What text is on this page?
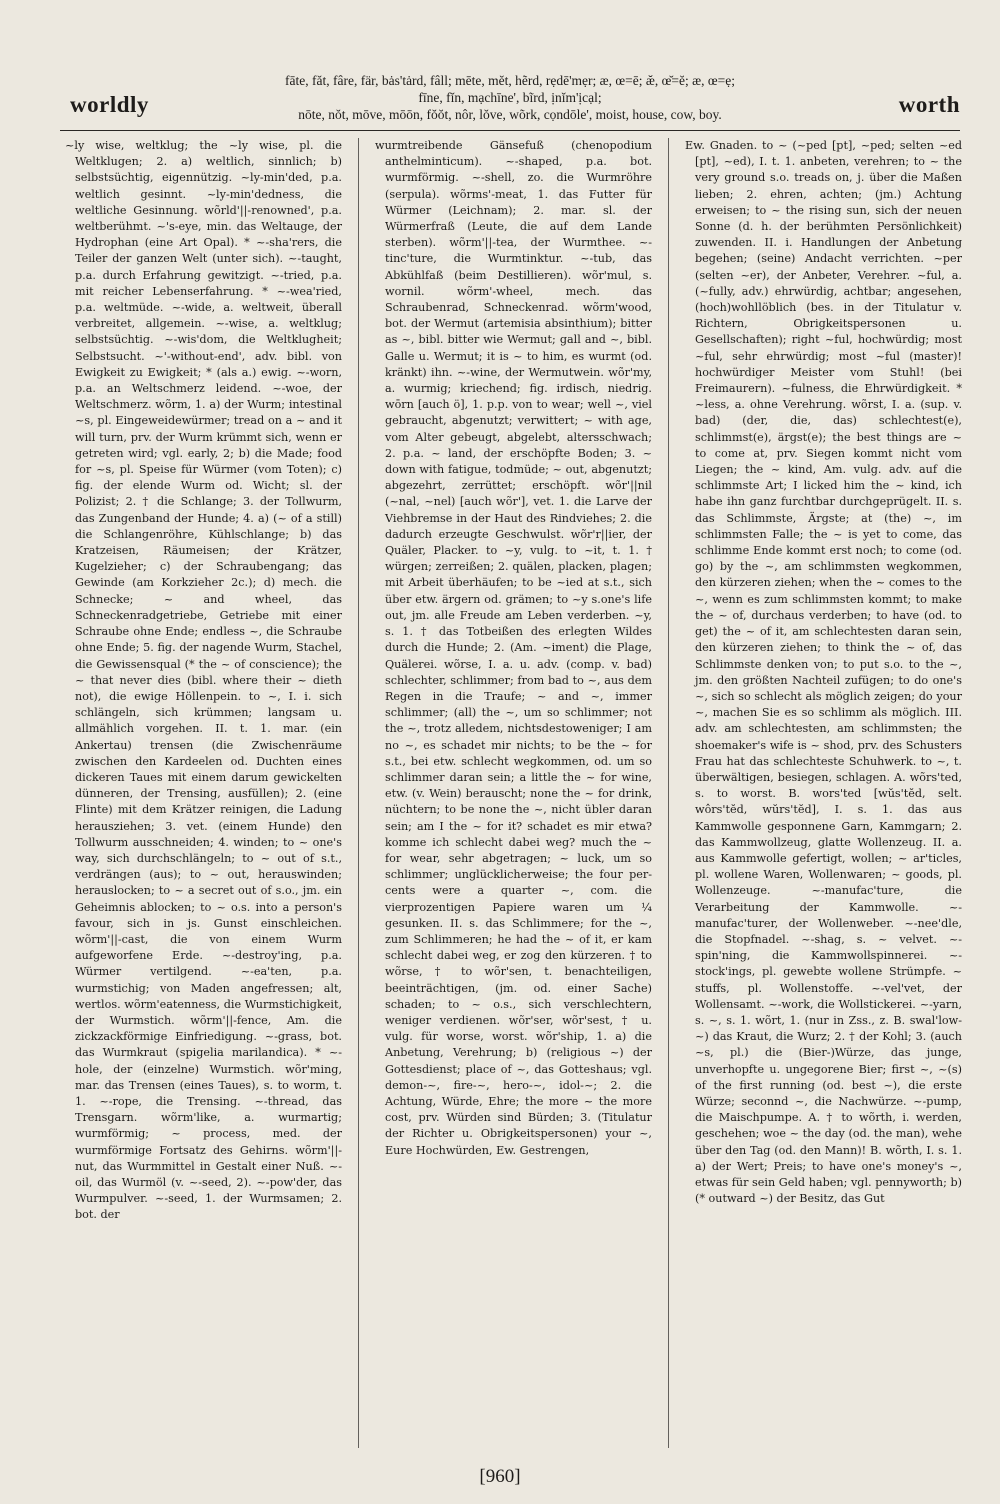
worldly
fāte, făt, fâre, fär, bȧs'tȧrd, fâll; mēte, mĕt, hẽrd, rẹdē'mẹr; æ, œ=ē; æ̆, œ̆=ĕ; æ, œ=ẹ;
fīne, fĭn, mạchīne', bĩrd, ịnĭm'ịcạl;
nōte, nŏt, mōve, mōōn, fŏŏt, nôr, lŏve, wõrk, cọndōle', moist, house, cow, boy.	worth

~ly wise, weltklug; the ~ly wise, pl. die Weltklugen; 2. a) weltlich, sinnlich; b) selbstsüchtig, eigennützig. ~ly-min'ded, p.a. weltlich gesinnt. ~ly-min'dedness, die weltliche Gesinnung. wõrld'||-renowned', p.a. weltberühmt. ~'s-eye, min. das Weltauge, der Hydrophan (eine Art Opal). * ~-sha'rers, die Teiler der ganzen Welt (unter sich). ~-taught, p.a. durch Erfahrung gewitzigt. ~-tried, p.a. mit reicher Lebenserfahrung. * ~-wea'ried, p.a. weltmüde. ~-wide, a. weltweit, überall verbreitet, allgemein. ~-wise, a. weltklug; selbstsüchtig. ~-wis'dom, die Weltklugheit; Selbstsucht. ~'-without-end', adv. bibl. von Ewigkeit zu Ewigkeit; * (als a.) ewig. ~-worn, p.a. an Weltschmerz leidend. ~-woe, der Weltschmerz. wõrm, 1. a) der Wurm; intestinal ~s, pl. Eingeweidewürmer; tread on a ~ and it will turn, prv. der Wurm krümmt sich, wenn er getreten wird; vgl. early, 2; b) die Made; food for ~s, pl. Speise für Würmer (vom Toten); c) fig. der elende Wurm od. Wicht; sl. der Polizist; 2. † die Schlange; 3. der Tollwurm, das Zungenband der Hunde; 4. a) (~ of a still) die Schlangenröhre, Kühlschlange; b) das Kratzeisen, Räumeisen; der Krätzer, Kugelzieher; c) der Schraubengang; das Gewinde (am Korkzieher 2c.); d) mech. die Schnecke; ~ and wheel, das Schneckenradgetriebe, Getriebe mit einer Schraube ohne Ende; endless ~, die Schraube ohne Ende; 5. fig. der nagende Wurm, Stachel, die Gewissensqual (* the ~ of conscience); the ~ that never dies (bibl. where their ~ dieth not), die ewige Höllenpein. to ~, I. i. sich schlängeln, sich krümmen; langsam u. allmählich vorgehen. II. t. 1. mar. (ein Ankertau) trensen (die Zwischenräume zwischen den Kardeelen od. Duchten eines dickeren Taues mit einem darum gewickelten dünneren, der Trensing, ausfüllen); 2. (eine Flinte) mit dem Krätzer reinigen, die Ladung herausziehen; 3. vet. (einem Hunde) den Tollwurm ausschneiden; 4. winden; to ~ one's way, sich durchschlängeln; to ~ out of s.t., verdrängen (aus); to ~ out, herauswinden; herauslocken; to ~ a secret out of s.o., jm. ein Geheimnis ablocken; to ~ o.s. into a person's favour, sich in js. Gunst einschleichen. wõrm'||-cast, die von einem Wurm aufgeworfene Erde. ~-destroy'ing, p.a. Würmer vertilgend. ~-ea'ten, p.a. wurmstichig; von Maden angefressen; alt, wertlos. wõrm'eatenness, die Wurmstichigkeit, der Wurmstich. wõrm'||-fence, Am. die zickzackförmige Einfriedigung. ~-grass, bot. das Wurmkraut (spigelia marilandica). * ~-hole, der (einzelne) Wurmstich. wõr'ming, mar. das Trensen (eines Taues), s. to worm, t. 1. ~-rope, die Trensing. ~-thread, das Trensgarn. wõrm'like, a. wurmartig; wurmförmig; ~ process, med. der wurmförmige Fortsatz des Gehirns. wõrm'||-nut, das Wurmmittel in Gestalt einer Nuß. ~-oil, das Wurmöl (v. ~-seed, 2). ~-pow'der, das Wurmpulver. ~-seed, 1. der Wurmsamen; 2. bot. der

wurmtreibende Gänsefuß (chenopodium anthelminticum). ~-shaped, p.a. bot. wurmförmig. ~-shell, zo. die Wurmröhre (serpula). wõrms'-meat, 1. das Futter für Würmer (Leichnam); 2. mar. sl. der Würmerfraß (Leute, die auf dem Lande sterben). wõrm'||-tea, der Wurmthee. ~-tinc'ture, die Wurmtinktur. ~-tub, das Abkühlfaß (beim Destillieren). wõr'mul, s. wornil. wõrm'-wheel, mech. das Schraubenrad, Schneckenrad. wõrm'wood, bot. der Wermut (artemisia absinthium); bitter as ~, bibl. bitter wie Wermut; gall and ~, bibl. Galle u. Wermut; it is ~ to him, es wurmt (od. kränkt) ihn. ~-wine, der Wermutwein. wõr'my, a. wurmig; kriechend; fig. irdisch, niedrig. wōrn [auch ö], 1. p.p. von to wear; well ~, viel gebraucht, abgenutzt; verwittert; ~ with age, vom Alter gebeugt, abgelebt, altersschwach; 2. p.a. ~ land, der erschöpfte Boden; 3. ~ down with fatigue, todmüde; ~ out, abgenutzt; abgezehrt, zerrüttet; erschöpft. wõr'||nil (~nal, ~nel) [auch wõr'], vet. 1. die Larve der Viehbremse in der Haut des Rindviehes; 2. die dadurch erzeugte Geschwulst. wõr'r||ier, der Quäler, Placker. to ~y, vulg. to ~it, t. 1. † würgen; zerreißen; 2. quälen, placken, plagen; mit Arbeit überhäufen; to be ~ied at s.t., sich über etw. ärgern od. grämen; to ~y s.one's life out, jm. alle Freude am Leben verderben. ~y, s. 1. † das Totbeißen des erlegten Wildes durch die Hunde; 2. (Am. ~iment) die Plage, Quälerei. wõrse, I. a. u. adv. (comp. v. bad) schlechter, schlimmer; from bad to ~, aus dem Regen in die Traufe; ~ and ~, immer schlimmer; (all) the ~, um so schlimmer; not the ~, trotz alledem, nichtsdestoweniger; I am no ~, es schadet mir nichts; to be the ~ for s.t., bei etw. schlecht wegkommen, od. um so schlimmer daran sein; a little the ~ for wine, etw. (v. Wein) berauscht; none the ~ for drink, nüchtern; to be none the ~, nicht übler daran sein; am I the ~ for it? schadet es mir etwa? komme ich schlecht dabei weg? much the ~ for wear, sehr abgetragen; ~ luck, um so schlimmer; unglücklicherweise; the four per-cents were a quarter ~, com. die vierprozentigen Papiere waren um ¼ gesunken. II. s. das Schlimmere; for the ~, zum Schlimmeren; he had the ~ of it, er kam schlecht dabei weg, er zog den kürzeren. † to wõrse, † to wõr'sen, t. benachteiligen, beeinträchtigen, (jm. od. einer Sache) schaden; to ~ o.s., sich verschlechtern, weniger verdienen. wõr'ser, wõr'sest, † u. vulg. für worse, worst. wõr'ship, 1. a) die Anbetung, Verehrung; b) (religious ~) der Gottesdienst; place of ~, das Gotteshaus; vgl. demon-~, fire-~, hero-~, idol-~; 2. die Achtung, Würde, Ehre; the more ~ the more cost, prv. Würden sind Bürden; 3. (Titulatur der Richter u. Obrigkeitspersonen) your ~, Eure Hochwürden, Ew. Gestrengen,

Ew. Gnaden. to ~ (~ped [pt], ~ped; selten ~ed [pt], ~ed), I. t. 1. anbeten, verehren; to ~ the very ground s.o. treads on, j. über die Maßen lieben; 2. ehren, achten; (jm.) Achtung erweisen; to ~ the rising sun, sich der neuen Sonne (d. h. der berühmten Persönlichkeit) zuwenden. II. i. Handlungen der Anbetung begehen; (seine) Andacht verrichten. ~per (selten ~er), der Anbeter, Verehrer. ~ful, a. (~fully, adv.) ehrwürdig, achtbar; angesehen, (hoch)wohllöblich (bes. in der Titulatur v. Richtern, Obrigkeitspersonen u. Gesellschaften); right ~ful, hochwürdig; most ~ful, sehr ehrwürdig; most ~ful (master)! hochwürdiger Meister vom Stuhl! (bei Freimaurern). ~fulness, die Ehrwürdigkeit. * ~less, a. ohne Verehrung. wõrst, I. a. (sup. v. bad) (der, die, das) schlechtest(e), schlimmst(e), ärgst(e); the best things are ~ to come at, prv. Siegen kommt nicht vom Liegen; the ~ kind, Am. vulg. adv. auf die schlimmste Art; I licked him the ~ kind, ich habe ihn ganz furchtbar durchgeprügelt. II. s. das Schlimmste, Ärgste; at (the) ~, im schlimmsten Falle; the ~ is yet to come, das schlimme Ende kommt erst noch; to come (od. go) by the ~, am schlimmsten wegkommen, den kürzeren ziehen; when the ~ comes to the ~, wenn es zum schlimmsten kommt; to make the ~ of, durchaus verderben; to have (od. to get) the ~ of it, am schlechtesten daran sein, den kürzeren ziehen; to think the ~ of, das Schlimmste denken von; to put s.o. to the ~, jm. den größten Nachteil zufügen; to do one's ~, sich so schlecht als möglich zeigen; do your ~, machen Sie es so schlimm als möglich. III. adv. am schlechtesten, am schlimmsten; the shoemaker's wife is ~ shod, prv. des Schusters Frau hat das schlechteste Schuhwerk. to ~, t. überwältigen, besiegen, schlagen. A. wõrs'ted, s. to worst. B. wors'ted [wŭs'tĕd, selt. wôrs'tĕd, wŭrs'tĕd], I. s. 1. das aus Kammwolle gesponnene Garn, Kammgarn; 2. das Kammwollzeug, glatte Wollenzeug. II. a. aus Kammwolle gefertigt, wollen; ~ ar'ticles, pl. wollene Waren, Wollenwaren; ~ goods, pl. Wollenzeuge. ~-manufac'ture, die Verarbeitung der Kammwolle. ~-manufac'turer, der Wollenweber. ~-nee'dle, die Stopfnadel. ~-shag, s. ~ velvet. ~-spin'ning, die Kammwollspinnerei. ~-stock'ings, pl. gewebte wollene Strümpfe. ~ stuffs, pl. Wollenstoffe. ~-vel'vet, der Wollensamt. ~-work, die Wollstickerei. ~-yarn, s. ~, s. 1. wõrt, 1. (nur in Zss., z. B. swal'low-~) das Kraut, die Wurz; 2. † der Kohl; 3. (auch ~s, pl.) die (Bier-)Würze, das junge, unverhopfte u. ungegorene Bier; first ~, ~(s) of the first running (od. best ~), die erste Würze; seconnd ~, die Nachwürze. ~-pump, die Maischpumpe. A. † to wõrth, i. werden, geschehen; woe ~ the day (od. the man), wehe über den Tag (od. den Mann)! B. wõrth, I. s. 1. a) der Wert; Preis; to have one's money's ~, etwas für sein Geld haben; vgl. pennyworth; b) (* outward ~) der Besitz, das Gut

[960]
